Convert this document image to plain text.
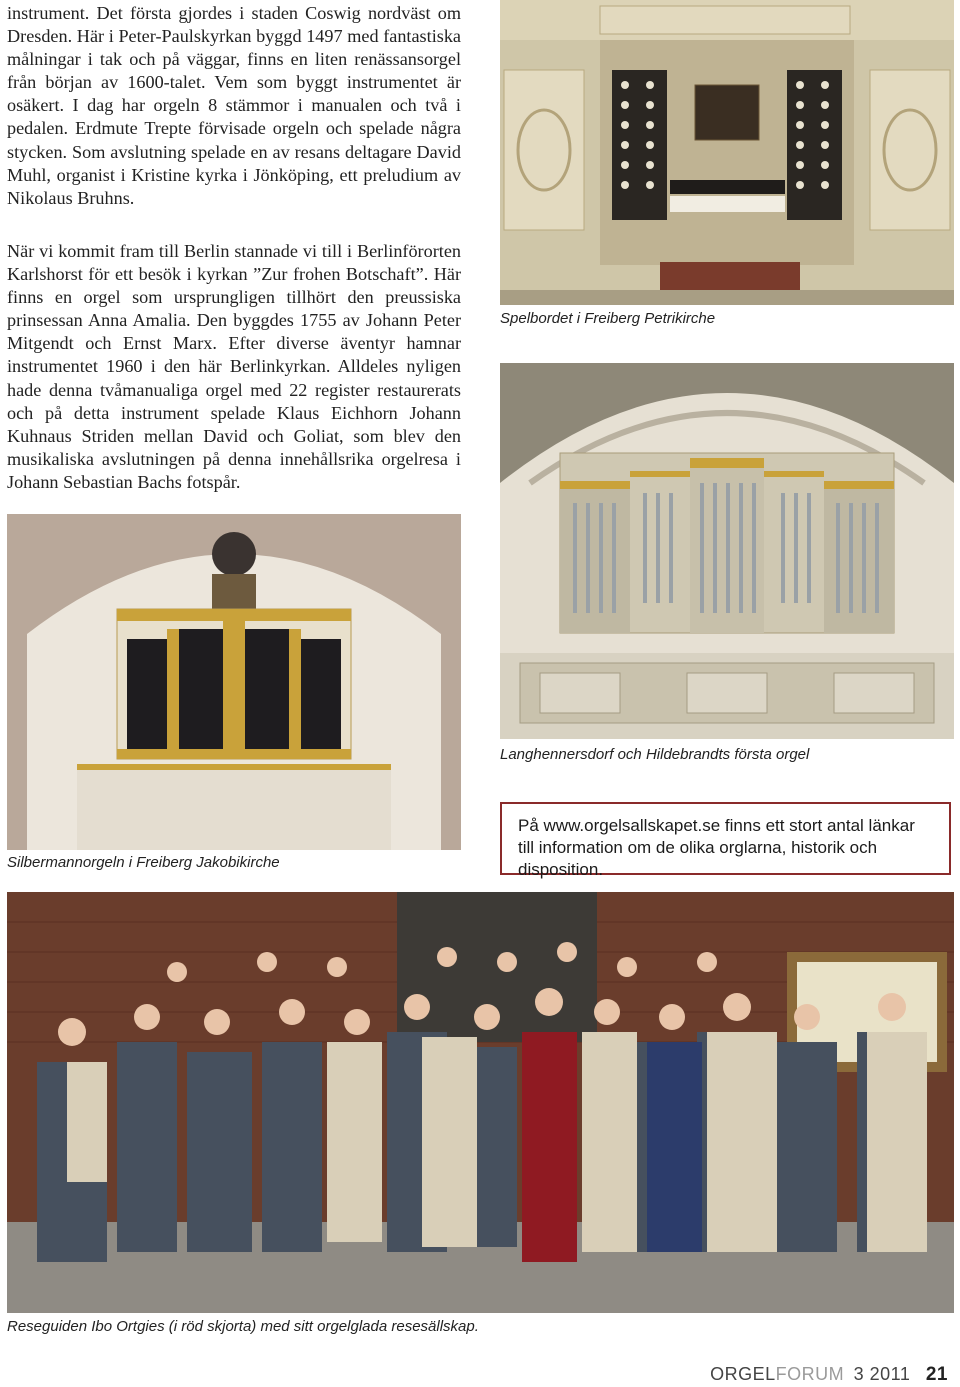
instrument. Det första gjordes i staden Coswig nordväst om Dresden. Här i Peter-Paulskyrkan byggd 1497 med fantastiska målningar i tak och på väggar, finns en liten renässansorgel från början av 1600-talet. Vem som byggt instrumentet är osäkert. I dag har orgeln 8 stämmor i manualen och två i pedalen. Erdmute Trepte förvisade orgeln och spelade några stycken. Som avslutning spelade en av resans deltagare David Muhl, organist i Kristine kyrka i Jönköping, ett preludium av Nikolaus Bruhns.

När vi kommit fram till Berlin stannade vi till i Berlinförorten Karlshorst för ett besök i kyrkan ”Zur frohen Botschaft”. Här finns en orgel som ursprungligen tillhört den preussiska prinsessan Anna Amalia. Den byggdes 1755 av Johann Peter Mitgendt och Ernst Marx. Efter diverse äventyr hamnar instrumentet 1960 i den här Berlinkyrkan. Alldeles nyligen hade denna tvåmanualiga orgel med 22 register restaurerats och på detta instrument spelade Klaus Eichhorn Johann Kuhnaus Striden mellan David och Goliat, som blev den musikaliska avslutningen på denna innehållsrika orgelresa i Johann Sebastian Bachs fotspår.

Spelbordet i Freiberg Petrikirche

Langhennersdorf och Hildebrandts första orgel

Silbermannorgeln i Freiberg Jakobikirche

På www.orgelsallskapet.se finns ett stort antal länkar till information om de olika orglarna, historik och disposition.

Reseguiden Ibo Ortgies (i röd skjorta) med sitt orgelglada resesällskap.

ORGELFORUM 3 2011 21
